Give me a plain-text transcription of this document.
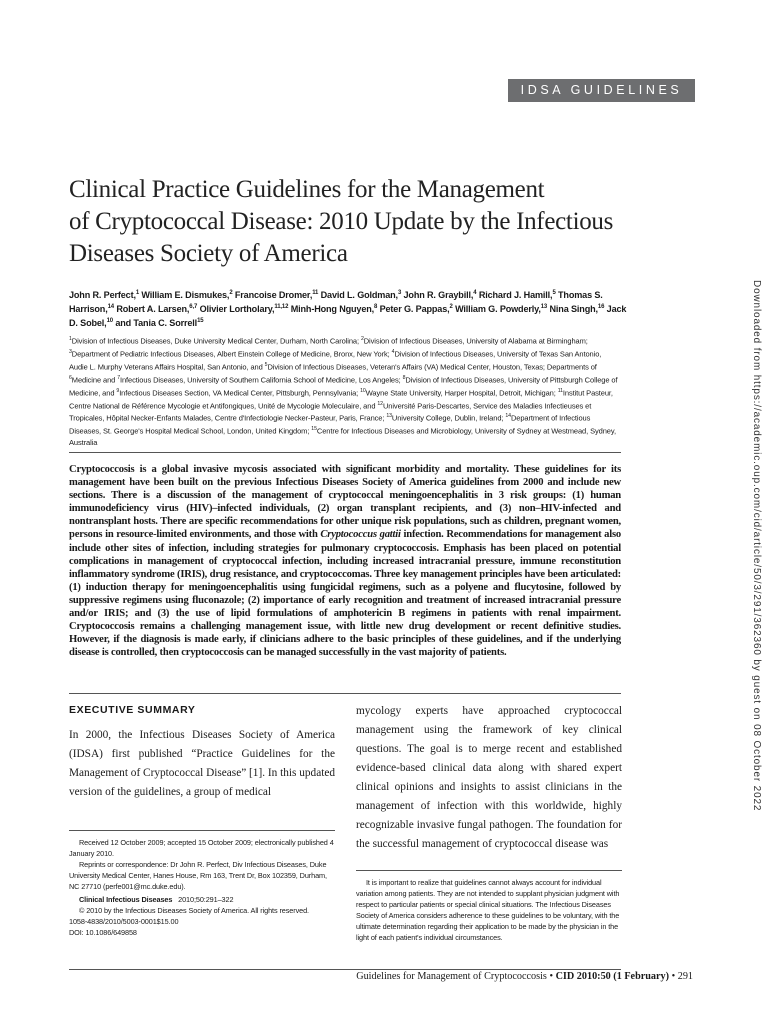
IDSA GUIDELINES
Clinical Practice Guidelines for the Management
of Cryptococcal Disease: 2010 Update by the Infectious
Diseases Society of America

John R. Perfect,$^1$ William E. Dismukes,$^2$ Francoise Dromer,$^{11}$ David L. Goldman,$^3$ John R. Graybill,$^4$ Richard J. Hamill,$^5$ Thomas S. Harrison,$^{14}$ Robert A. Larsen,$^{6,7}$ Olivier Lortholary,$^{11,12}$ Minh-Hong Nguyen,$^8$ Peter G. Pappas,$^2$ William G. Powderly,$^{13}$ Nina Singh,$^{16}$ Jack D. Sobel,$^{10}$ and Tania C. Sorrell$^{15}$

$^1$Division of Infectious Diseases, Duke University Medical Center, Durham, North Carolina; $^2$Division of Infectious Diseases, University of Alabama at Birmingham; $^3$Department of Pediatric Infectious Diseases, Albert Einstein College of Medicine, Bronx, New York; $^4$Division of Infectious Diseases, University of Texas San Antonio, Audie L. Murphy Veterans Affairs Hospital, San Antonio, and $^5$Division of Infectious Diseases, Veteran's Affairs (VA) Medical Center, Houston, Texas; Departments of $^6$Medicine and $^7$Infectious Diseases, University of Southern California School of Medicine, Los Angeles; $^8$Division of Infectious Diseases, University of Pittsburgh College of Medicine, and $^9$Infectious Diseases Section, VA Medical Center, Pittsburgh, Pennsylvania; $^{10}$Wayne State University, Harper Hospital, Detroit, Michigan; $^{11}$Institut Pasteur, Centre National de Référence Mycologie et Antifongiques, Unité de Mycologie Moleculaire, and $^{12}$Université Paris-Descartes, Service des Maladies Infectieuses et Tropicales, Hôpital Necker-Enfants Malades, Centre d'Infectiologie Necker-Pasteur, Paris, France; $^{13}$University College, Dublin, Ireland; $^{14}$Department of Infectious Diseases, St. George's Hospital Medical School, London, United Kingdom; $^{15}$Centre for Infectious Diseases and Microbiology, University of Sydney at Westmead, Sydney, Australia

Cryptococcosis is a global invasive mycosis associated with significant morbidity and mortality. These guidelines for its management have been built on the previous Infectious Diseases Society of America guidelines from 2000 and include new sections. There is a discussion of the management of cryptococcal meningoencephalitis in 3 risk groups: (1) human immunodeficiency virus (HIV)–infected individuals, (2) organ transplant recipients, and (3) non–HIV-infected and nontransplant hosts. There are specific recommendations for other unique risk populations, such as children, pregnant women, persons in resource-limited environments, and those with Cryptococcus gattii infection. Recommendations for management also include other sites of infection, including strategies for pulmonary cryptococcosis. Emphasis has been placed on potential complications in management of cryptococcal infection, including increased intracranial pressure, immune reconstitution inflammatory syndrome (IRIS), drug resistance, and cryptococcomas. Three key management principles have been articulated: (1) induction therapy for meningoencephalitis using fungicidal regimens, such as a polyene and flucytosine, followed by suppressive regimens using fluconazole; (2) importance of early recognition and treatment of increased intracranial pressure and/or IRIS; and (3) the use of lipid formulations of amphotericin B regimens in patients with renal impairment. Cryptococcosis remains a challenging management issue, with little new drug development or recent definitive studies. However, if the diagnosis is made early, if clinicians adhere to the basic principles of these guidelines, and if the underlying disease is controlled, then cryptococcosis can be managed successfully in the vast majority of patients.

EXECUTIVE SUMMARY

In 2000, the Infectious Diseases Society of America (IDSA) first published “Practice Guidelines for the Management of Cryptococcal Disease” [1]. In this updated version of the guidelines, a group of medical

mycology experts have approached cryptococcal management using the framework of key clinical questions. The goal is to merge recent and established evidence-based clinical data along with shared expert clinical opinions and insights to assist clinicians in the management of infection with this worldwide, highly recognizable invasive fungal pathogen. The foundation for the successful management of cryptococcal disease was

Received 12 October 2009; accepted 15 October 2009; electronically published 4 January 2010.

Reprints or correspondence: Dr John R. Perfect, Div Infectious Diseases, Duke University Medical Center, Hanes House, Rm 163, Trent Dr, Box 102359, Durham, NC 27710 (perfe001@mc.duke.edu).

Clinical Infectious Diseases 2010;50:291–322

© 2010 by the Infectious Diseases Society of America. All rights reserved.

1058-4838/2010/5003-0001$15.00

DOI: 10.1086/649858

It is important to realize that guidelines cannot always account for individual variation among patients. They are not intended to supplant physician judgment with respect to particular patients or special clinical situations. The Infectious Diseases Society of America considers adherence to these guidelines to be voluntary, with the ultimate determination regarding their application to be made by the physician in the light of each patient's individual circumstances.

Guidelines for Management of Cryptococcosis • CID 2010:50 (1 February) • 291
Downloaded from https://academic.oup.com/cid/article/50/3/291/362360 by guest on 08 October 2022
